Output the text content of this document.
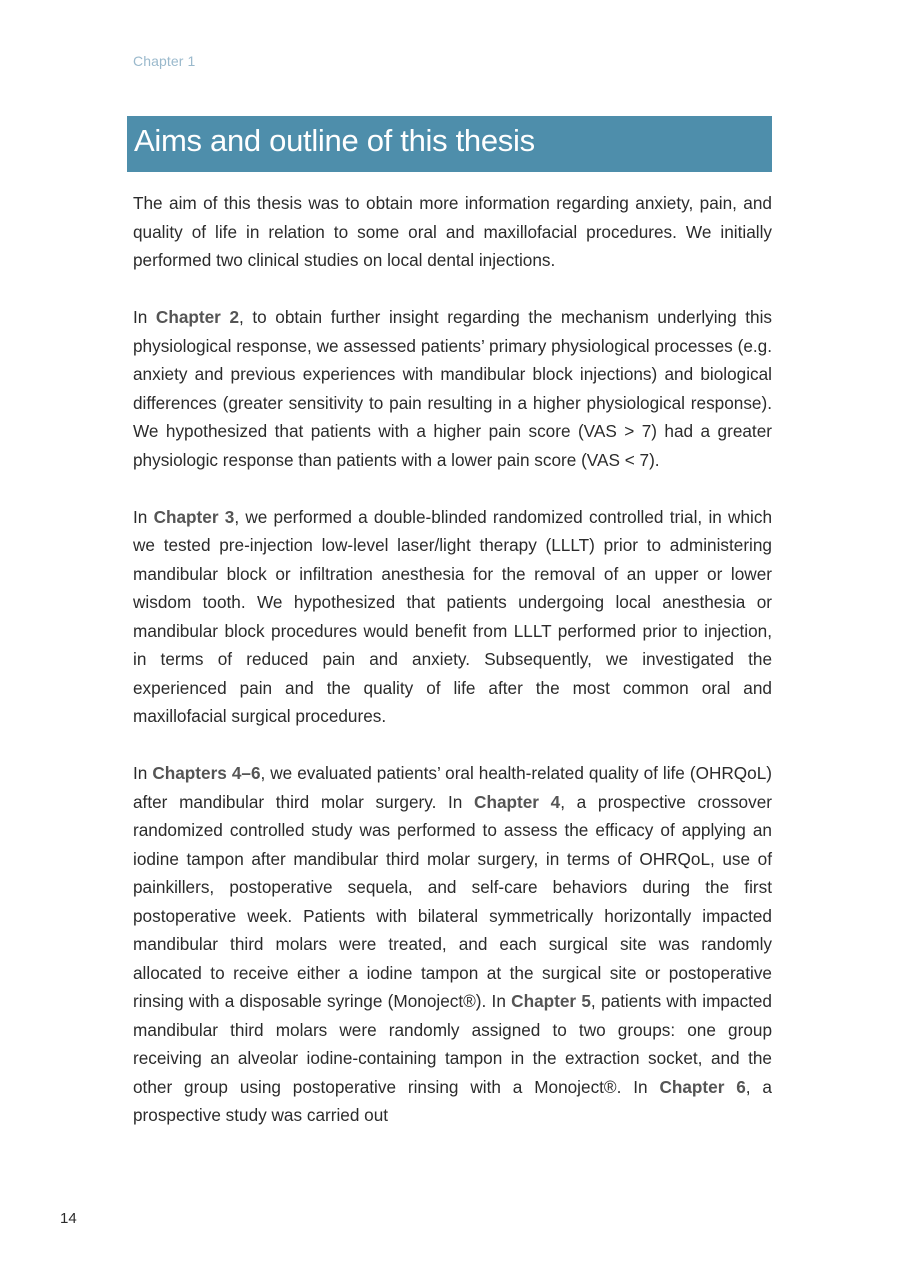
Chapter 1
Aims and outline of this thesis

The aim of this thesis was to obtain more information regarding anxiety, pain, and quality of life in relation to some oral and maxillofacial procedures. We initially performed two clinical studies on local dental injections.

In Chapter 2, to obtain further insight regarding the mechanism underlying this physiological response, we assessed patients’ primary physiological processes (e.g. anxiety and previous experiences with mandibular block injections) and biological differences (greater sensitivity to pain resulting in a higher physiological response). We hypothesized that patients with a higher pain score (VAS > 7) had a greater physiologic response than patients with a lower pain score (VAS < 7).

In Chapter 3, we performed a double-blinded randomized controlled trial, in which we tested pre-injection low-level laser/light therapy (LLLT) prior to administering mandibular block or infiltration anesthesia for the removal of an upper or lower wisdom tooth. We hypothesized that patients undergoing local anesthesia or mandibular block procedures would benefit from LLLT performed prior to injection, in terms of reduced pain and anxiety. Subsequently, we investigated the experienced pain and the quality of life after the most common oral and maxillofacial surgical procedures.

In Chapters 4–6, we evaluated patients’ oral health-related quality of life (OHRQoL) after mandibular third molar surgery. In Chapter 4, a prospective crossover randomized controlled study was performed to assess the efficacy of applying an iodine tampon after mandibular third molar surgery, in terms of OHRQoL, use of painkillers, postoperative sequela, and self-care behaviors during the first postoperative week. Patients with bilateral symmetrically horizontally impacted mandibular third molars were treated, and each surgical site was randomly allocated to receive either a iodine tampon at the surgical site or postoperative rinsing with a disposable syringe (Monoject®). In Chapter 5, patients with impacted mandibular third molars were randomly assigned to two groups: one group receiving an alveolar iodine-containing tampon in the extraction socket, and the other group using postoperative rinsing with a Monoject®. In Chapter 6, a prospective study was carried out

14
